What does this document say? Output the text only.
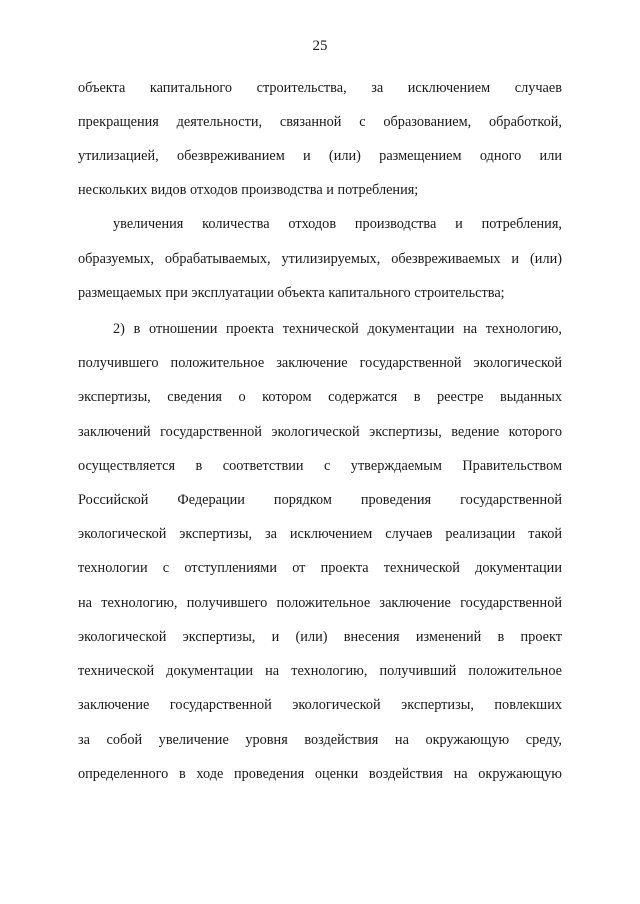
25
объекта капитального строительства, за исключением случаев
прекращения деятельности, связанной с образованием, обработкой,
утилизацией, обезвреживанием и (или) размещением одного или
нескольких видов отходов производства и потребления;
увеличения количества отходов производства и потребления,
образуемых, обрабатываемых, утилизируемых, обезвреживаемых и (или)
размещаемых при эксплуатации объекта капитального строительства;
2) в отношении проекта технической документации на технологию,
получившего положительное заключение государственной экологической
экспертизы, сведения о котором содержатся в реестре выданных
заключений государственной экологической экспертизы, ведение которого
осуществляется в соответствии с утверждаемым Правительством
Российской Федерации порядком проведения государственной
экологической экспертизы, за исключением случаев реализации такой
технологии с отступлениями от проекта технической документации
на технологию, получившего положительное заключение государственной
экологической экспертизы, и (или) внесения изменений в проект
технической документации на технологию, получивший положительное
заключение государственной экологической экспертизы, повлекших
за собой увеличение уровня воздействия на окружающую среду,
определенного в ходе проведения оценки воздействия на окружающую
